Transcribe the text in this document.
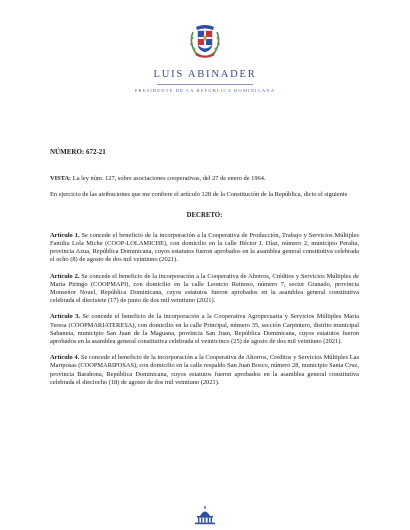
LUIS ABINADER
PRESIDENTE DE LA REPÚBLICA DOMINICANA
NÚMERO: 672-21

VISTA: La ley núm. 127, sobre asociaciones cooperativas, del 27 de enero de 1964.

En ejercicio de las atribuciones que me confiere el artículo 128 de la Constitución de la República, dicto el siguiente

DECRETO:

Artículo 1. Se concede el beneficio de la incorporación a la Cooperativa de Producción, Trabajo y Servicios Múltiples Familia Lola Miche (COOP-LOLAMICHE), con domicilio en la calle Héctor J. Díaz, número 2, municipio Peralta, provincia Azua, República Dominicana, cuyos estatutos fueron aprobados en la asamblea general constitutiva celebrada el ocho (8) de agosto de dos mil veintiuno (2021).

Artículo 2. Se concede el beneficio de la incorporación a la Cooperativa de Ahorros, Créditos y Servicios Múltiples de María Piringo (COOPMAPI), con domicilio en la calle Leoncio Reinoso, número 7, sector Granado, provincia Monseñor Nouel, República Dominicana, cuyos estatutos fueron aprobados en la asamblea general constitutiva celebrada el diecisiete (17) de junio de dos mil veintiuno (2021).

Artículo 3. Se concede el beneficio de la incorporación a la Cooperativa Agropecuaria y Servicios Múltiples María Teresa (COOPMARIATERESA), con domicilio en la calle Principal, número 35, sección Carpintero, distrito municipal Sabaneta, municipio San Juan de la Maguana, provincia San Juan, República Dominicana, cuyos estatutos fueron aprobados en la asamblea general constitutiva celebrada el veinticinco (25) de agosto de dos mil veintiuno (2021).

Artículo 4. Se concede el beneficio de la incorporación a la Cooperativa de Ahorros, Créditos y Servicios Múltiples Las Mariposas (COOPMARIPOSAS), con domicilio en la calle respaldo San Juan Bosco, número 28, municipio Santa Cruz, provincia Barahona, República Dominicana, cuyos estatutos fueron aprobados en la asamblea general constitutiva celebrada el dieciocho (18) de agosto de dos mil veintiuno (2021).
